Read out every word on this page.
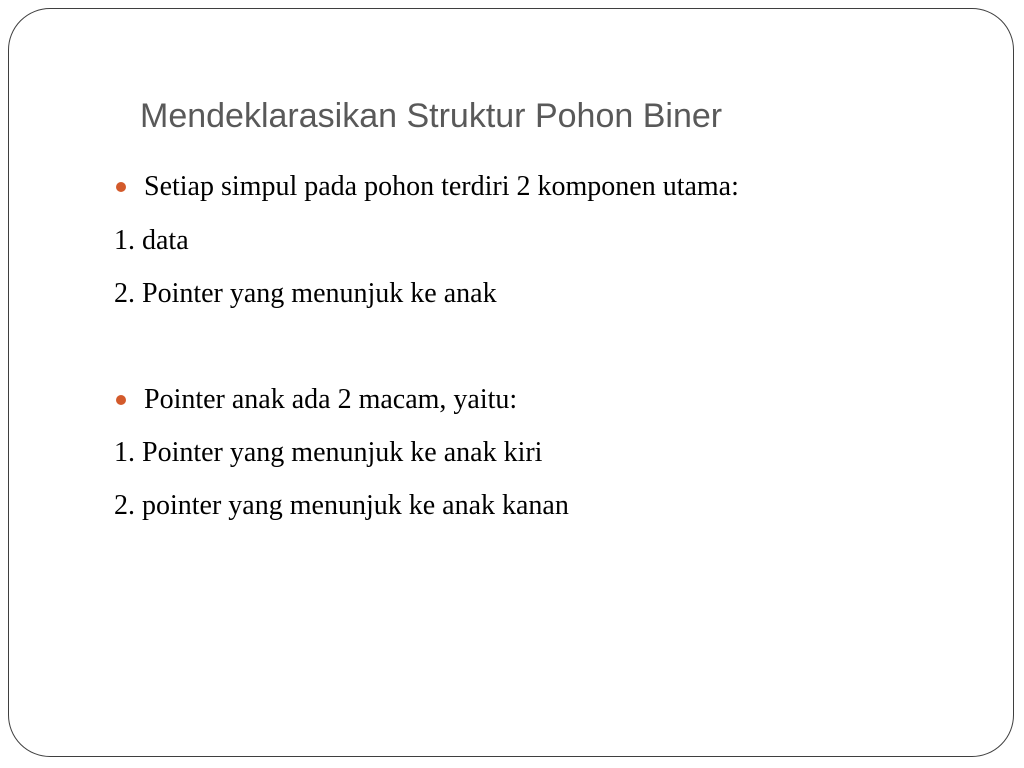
Mendeklarasikan Struktur Pohon Biner
Setiap simpul pada pohon terdiri 2 komponen utama:
1. data
2. Pointer yang menunjuk ke anak
Pointer anak ada 2 macam, yaitu:
1. Pointer yang menunjuk ke anak kiri
2. pointer yang menunjuk ke anak kanan
